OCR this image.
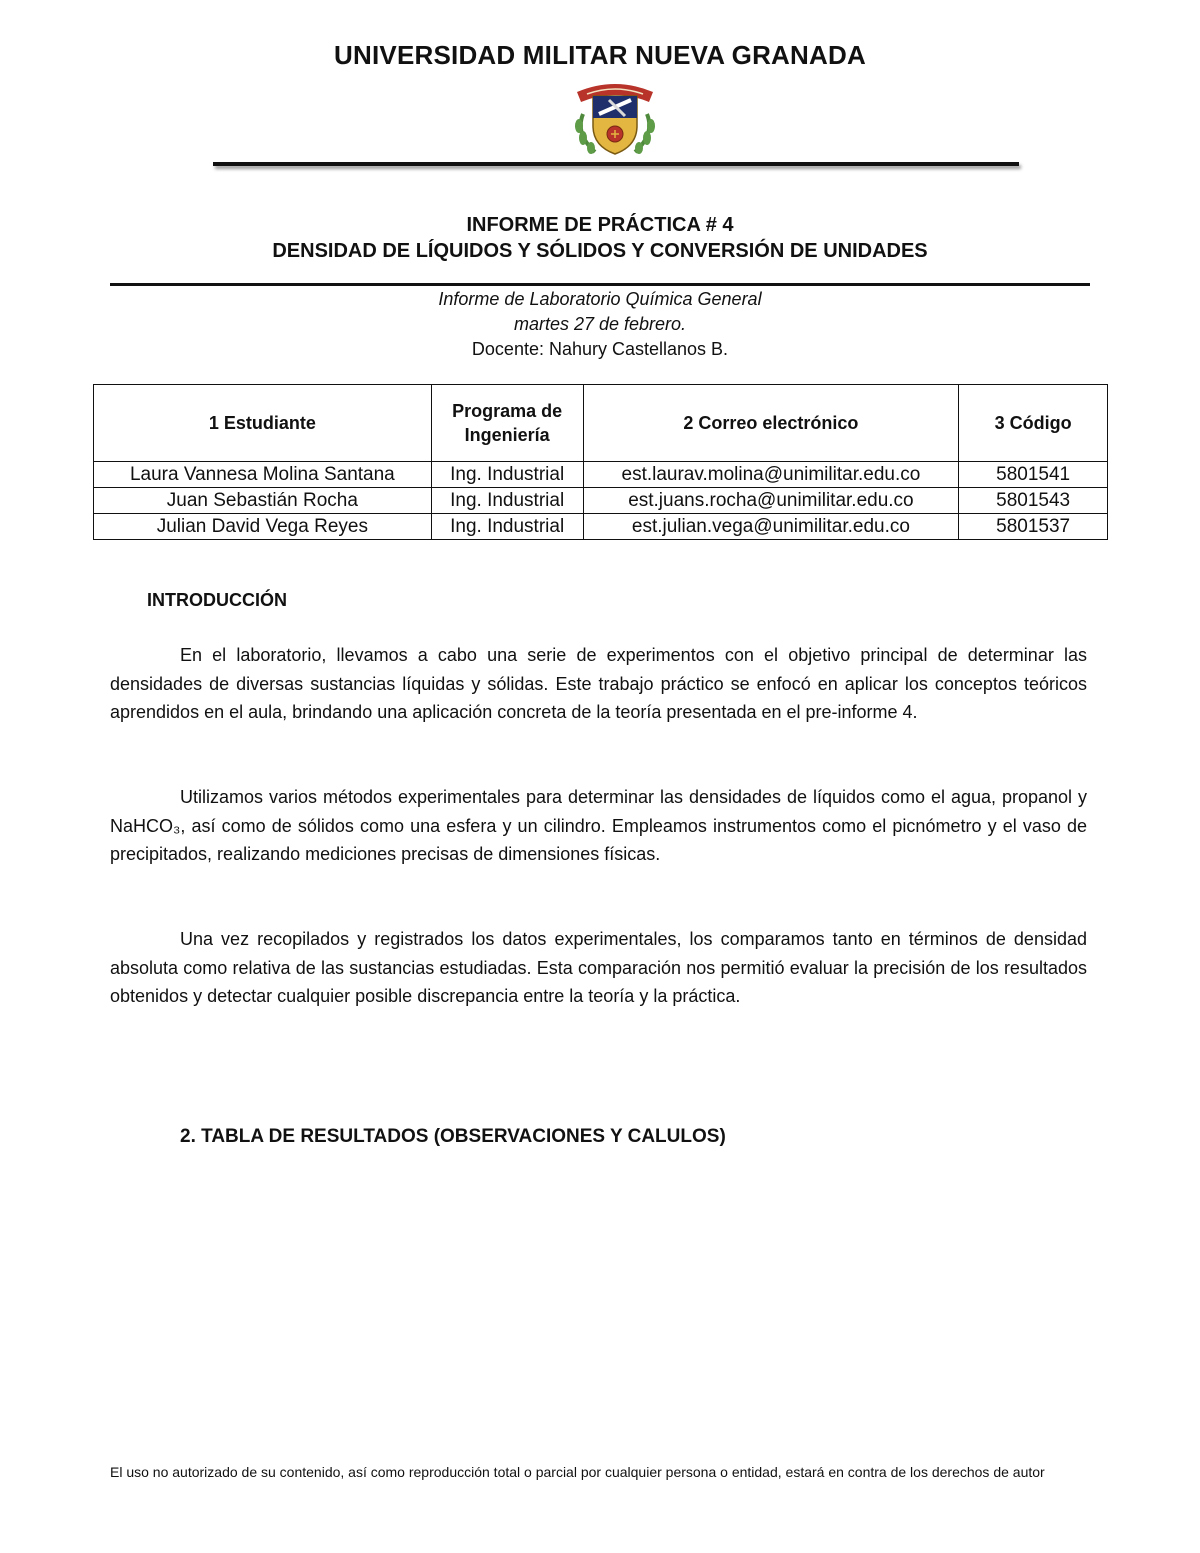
UNIVERSIDAD MILITAR NUEVA GRANADA
INFORME DE PRÁCTICA # 4
DENSIDAD DE LÍQUIDOS Y SÓLIDOS Y CONVERSIÓN DE UNIDADES
Informe de Laboratorio Química General
martes 27 de febrero.
Docente: Nahury Castellanos B.
1 Estudiante	Programa de Ingeniería	2 Correo electrónico	3 Código
Laura Vannesa Molina Santana	Ing. Industrial	est.laurav.molina@unimilitar.edu.co	5801541
Juan Sebastián Rocha	Ing. Industrial	est.juans.rocha@unimilitar.edu.co	5801543
Julian David Vega Reyes	Ing. Industrial	est.julian.vega@unimilitar.edu.co	5801537
INTRODUCCIÓN

En el laboratorio, llevamos a cabo una serie de experimentos con el objetivo principal de determinar las densidades de diversas sustancias líquidas y sólidas. Este trabajo práctico se enfocó en aplicar los conceptos teóricos aprendidos en el aula, brindando una aplicación concreta de la teoría presentada en el pre-informe 4.

Utilizamos varios métodos experimentales para determinar las densidades de líquidos como el agua, propanol y NaHCO₃, así como de sólidos como una esfera y un cilindro. Empleamos instrumentos como el picnómetro y el vaso de precipitados, realizando mediciones precisas de dimensiones físicas.

Una vez recopilados y registrados los datos experimentales, los comparamos tanto en términos de densidad absoluta como relativa de las sustancias estudiadas. Esta comparación nos permitió evaluar la precisión de los resultados obtenidos y detectar cualquier posible discrepancia entre la teoría y la práctica.

2. TABLA DE RESULTADOS (OBSERVACIONES Y CALULOS)
El uso no autorizado de su contenido, así como reproducción total o parcial por cualquier persona o entidad, estará en contra de los derechos de autor
